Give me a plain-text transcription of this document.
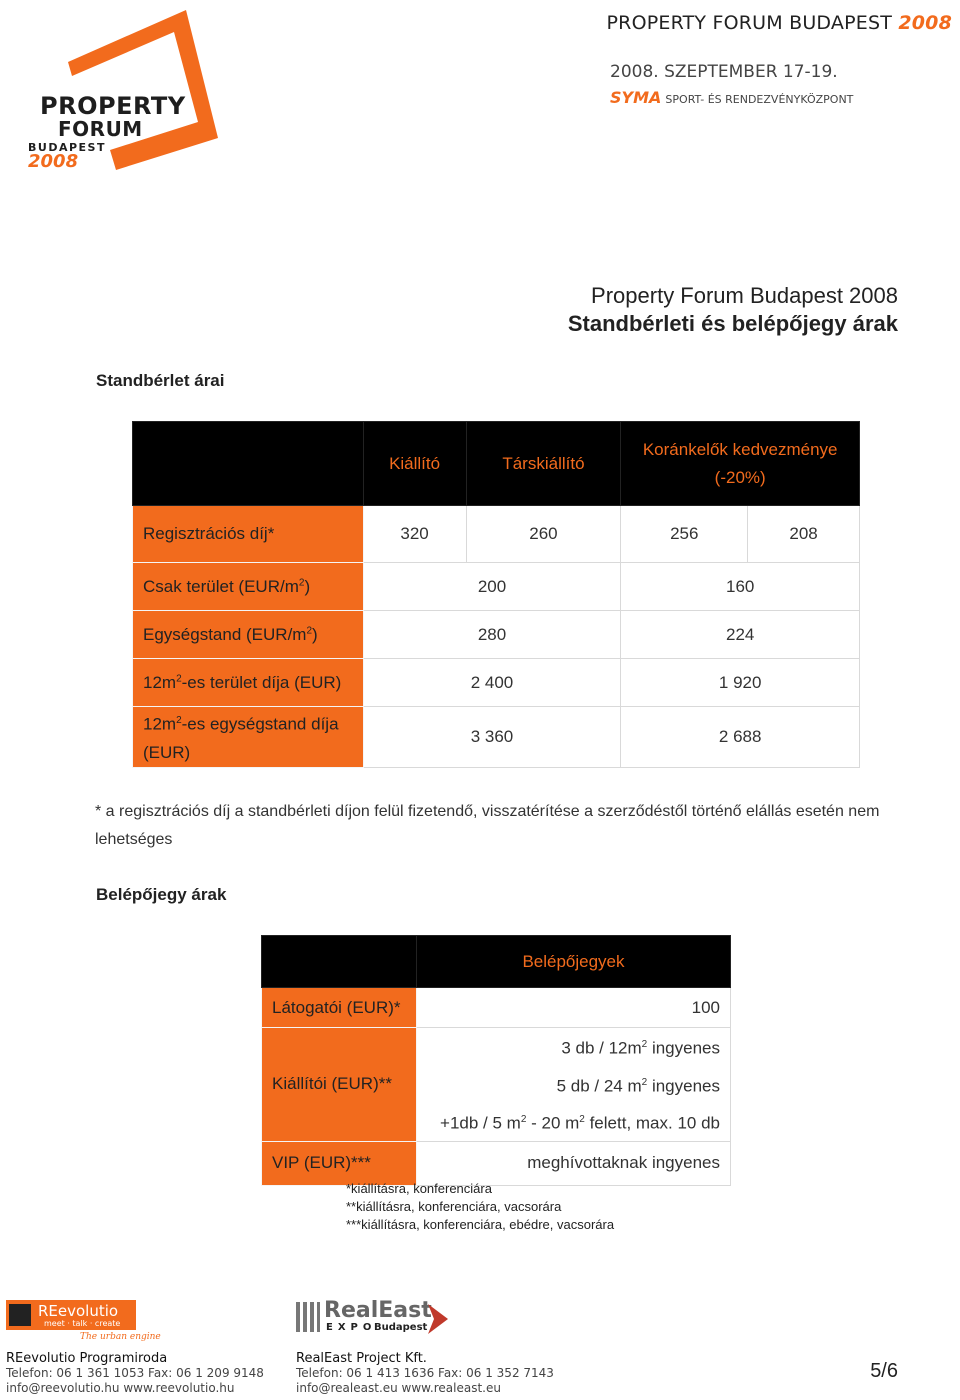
PROPERTY
FORUM
BUDAPEST
2008
PROPERTY FORUM BUDAPEST 2008
2008. SZEPTEMBER 17-19.
SYMA SPORT- ÉS RENDEZVÉNYKÖZPONT
Property Forum Budapest 2008
Standbérleti és belépőjegy árak
Standbérlet árai
	Kiállító	Társkiállító	Koránkelők kedvezménye (-20%)	
Regisztrációs díj*	320	260	256	208
Csak terület $(EUR/m^2)$	200		160	
Egységstand $(EUR/m^2)$	280		224	
$12m^2-es$ terület díja (EUR)	2 400		1 920	
$12m^2-es$ egységstand díja (EUR)	3 360		2 688	
* a regisztrációs díj a standbérleti díjon felül fizetendő, visszatérítése a szerződéstől történő elállás esetén nem lehetséges
Belépőjegy árak
	Belépőjegyek
Látogatói (EUR)*	100
Kiállítói (EUR)**	3 db / $12m^2$ ingyenes
5 db / 24 $m^2$ ingyenes
+1db / 5 $m^2 - 20$ $m^2$ felett, max. 10 db

VIP (EUR)***	meghívottaknak ingyenes
*kiállításra, konferenciára
**kiállításra, konferenciára, vacsorára
***kiállításra, konferenciára, ebédre, vacsorára
REevolutio
meet · talk · create
The urban engine
REevolutio Programiroda
Telefon: 06 1 361 1053 Fax: 06 1 209 9148
info@reevolutio.hu www.reevolutio.hu
RealEast
EXPO
Budapest
RealEast Project Kft.
Telefon: 06 1 413 1636 Fax: 06 1 352 7143
info@realeast.eu www.realeast.eu
5/6
